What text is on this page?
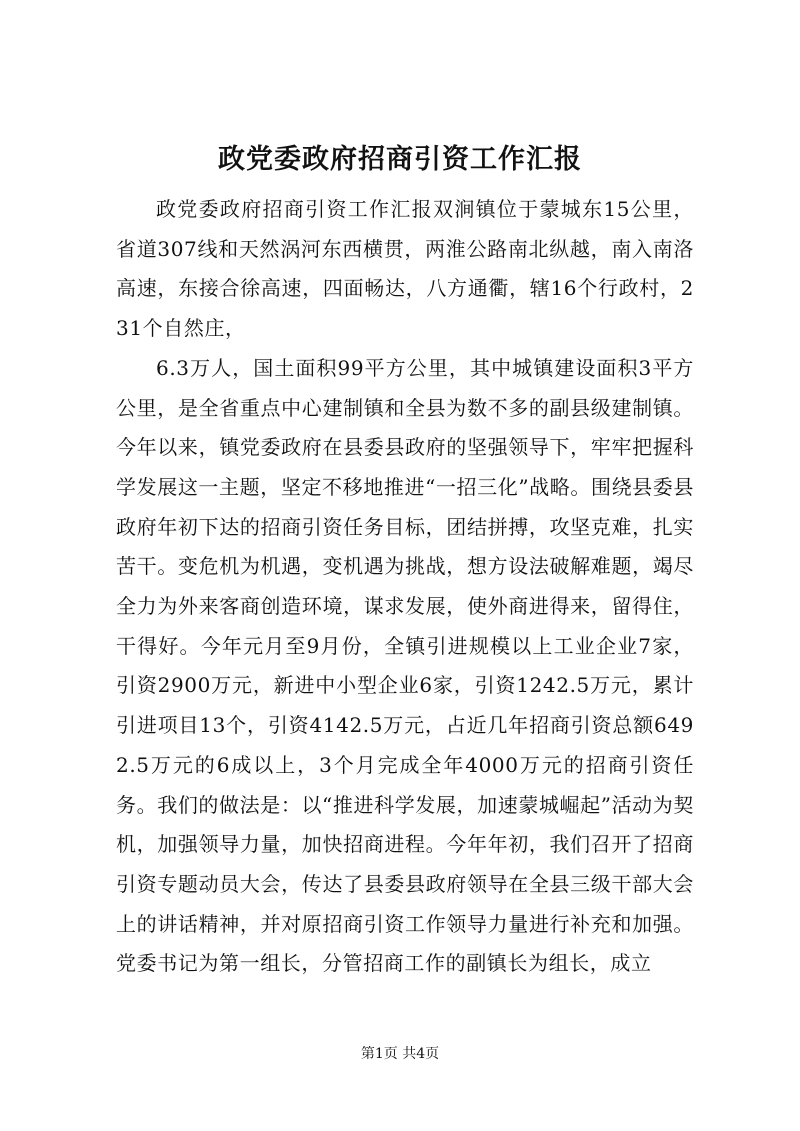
政党委政府招商引资工作汇报

政党委政府招商引资工作汇报双涧镇位于蒙城东15公里，省道307线和天然涡河东西横贯，两淮公路南北纵越，南入南洛高速，东接合徐高速，四面畅达，八方通衢，辖16个行政村，231个自然庄，

6.3万人，国土面积99平方公里，其中城镇建设面积3平方公里，是全省重点中心建制镇和全县为数不多的副县级建制镇。今年以来，镇党委政府在县委县政府的坚强领导下，牢牢把握科学发展这一主题，坚定不移地推进“一招三化”战略。围绕县委县政府年初下达的招商引资任务目标，团结拼搏，攻坚克难，扎实苦干。变危机为机遇，变机遇为挑战，想方设法破解难题，竭尽全力为外来客商创造环境，谋求发展，使外商进得来，留得住，干得好。今年元月至9月份，全镇引进规模以上工业企业7家，引资2900万元，新进中小型企业6家，引资1242.5万元，累计引进项目13个，引资4142.5万元，占近几年招商引资总额6492.5万元的6成以上，3个月完成全年4000万元的招商引资任务。我们的做法是：以“推进科学发展，加速蒙城崛起”活动为契机，加强领导力量，加快招商进程。今年年初，我们召开了招商引资专题动员大会，传达了县委县政府领导在全县三级干部大会上的讲话精神，并对原招商引资工作领导力量进行补充和加强。党委书记为第一组长，分管招商工作的副镇长为组长，成立

第1页 共4页
